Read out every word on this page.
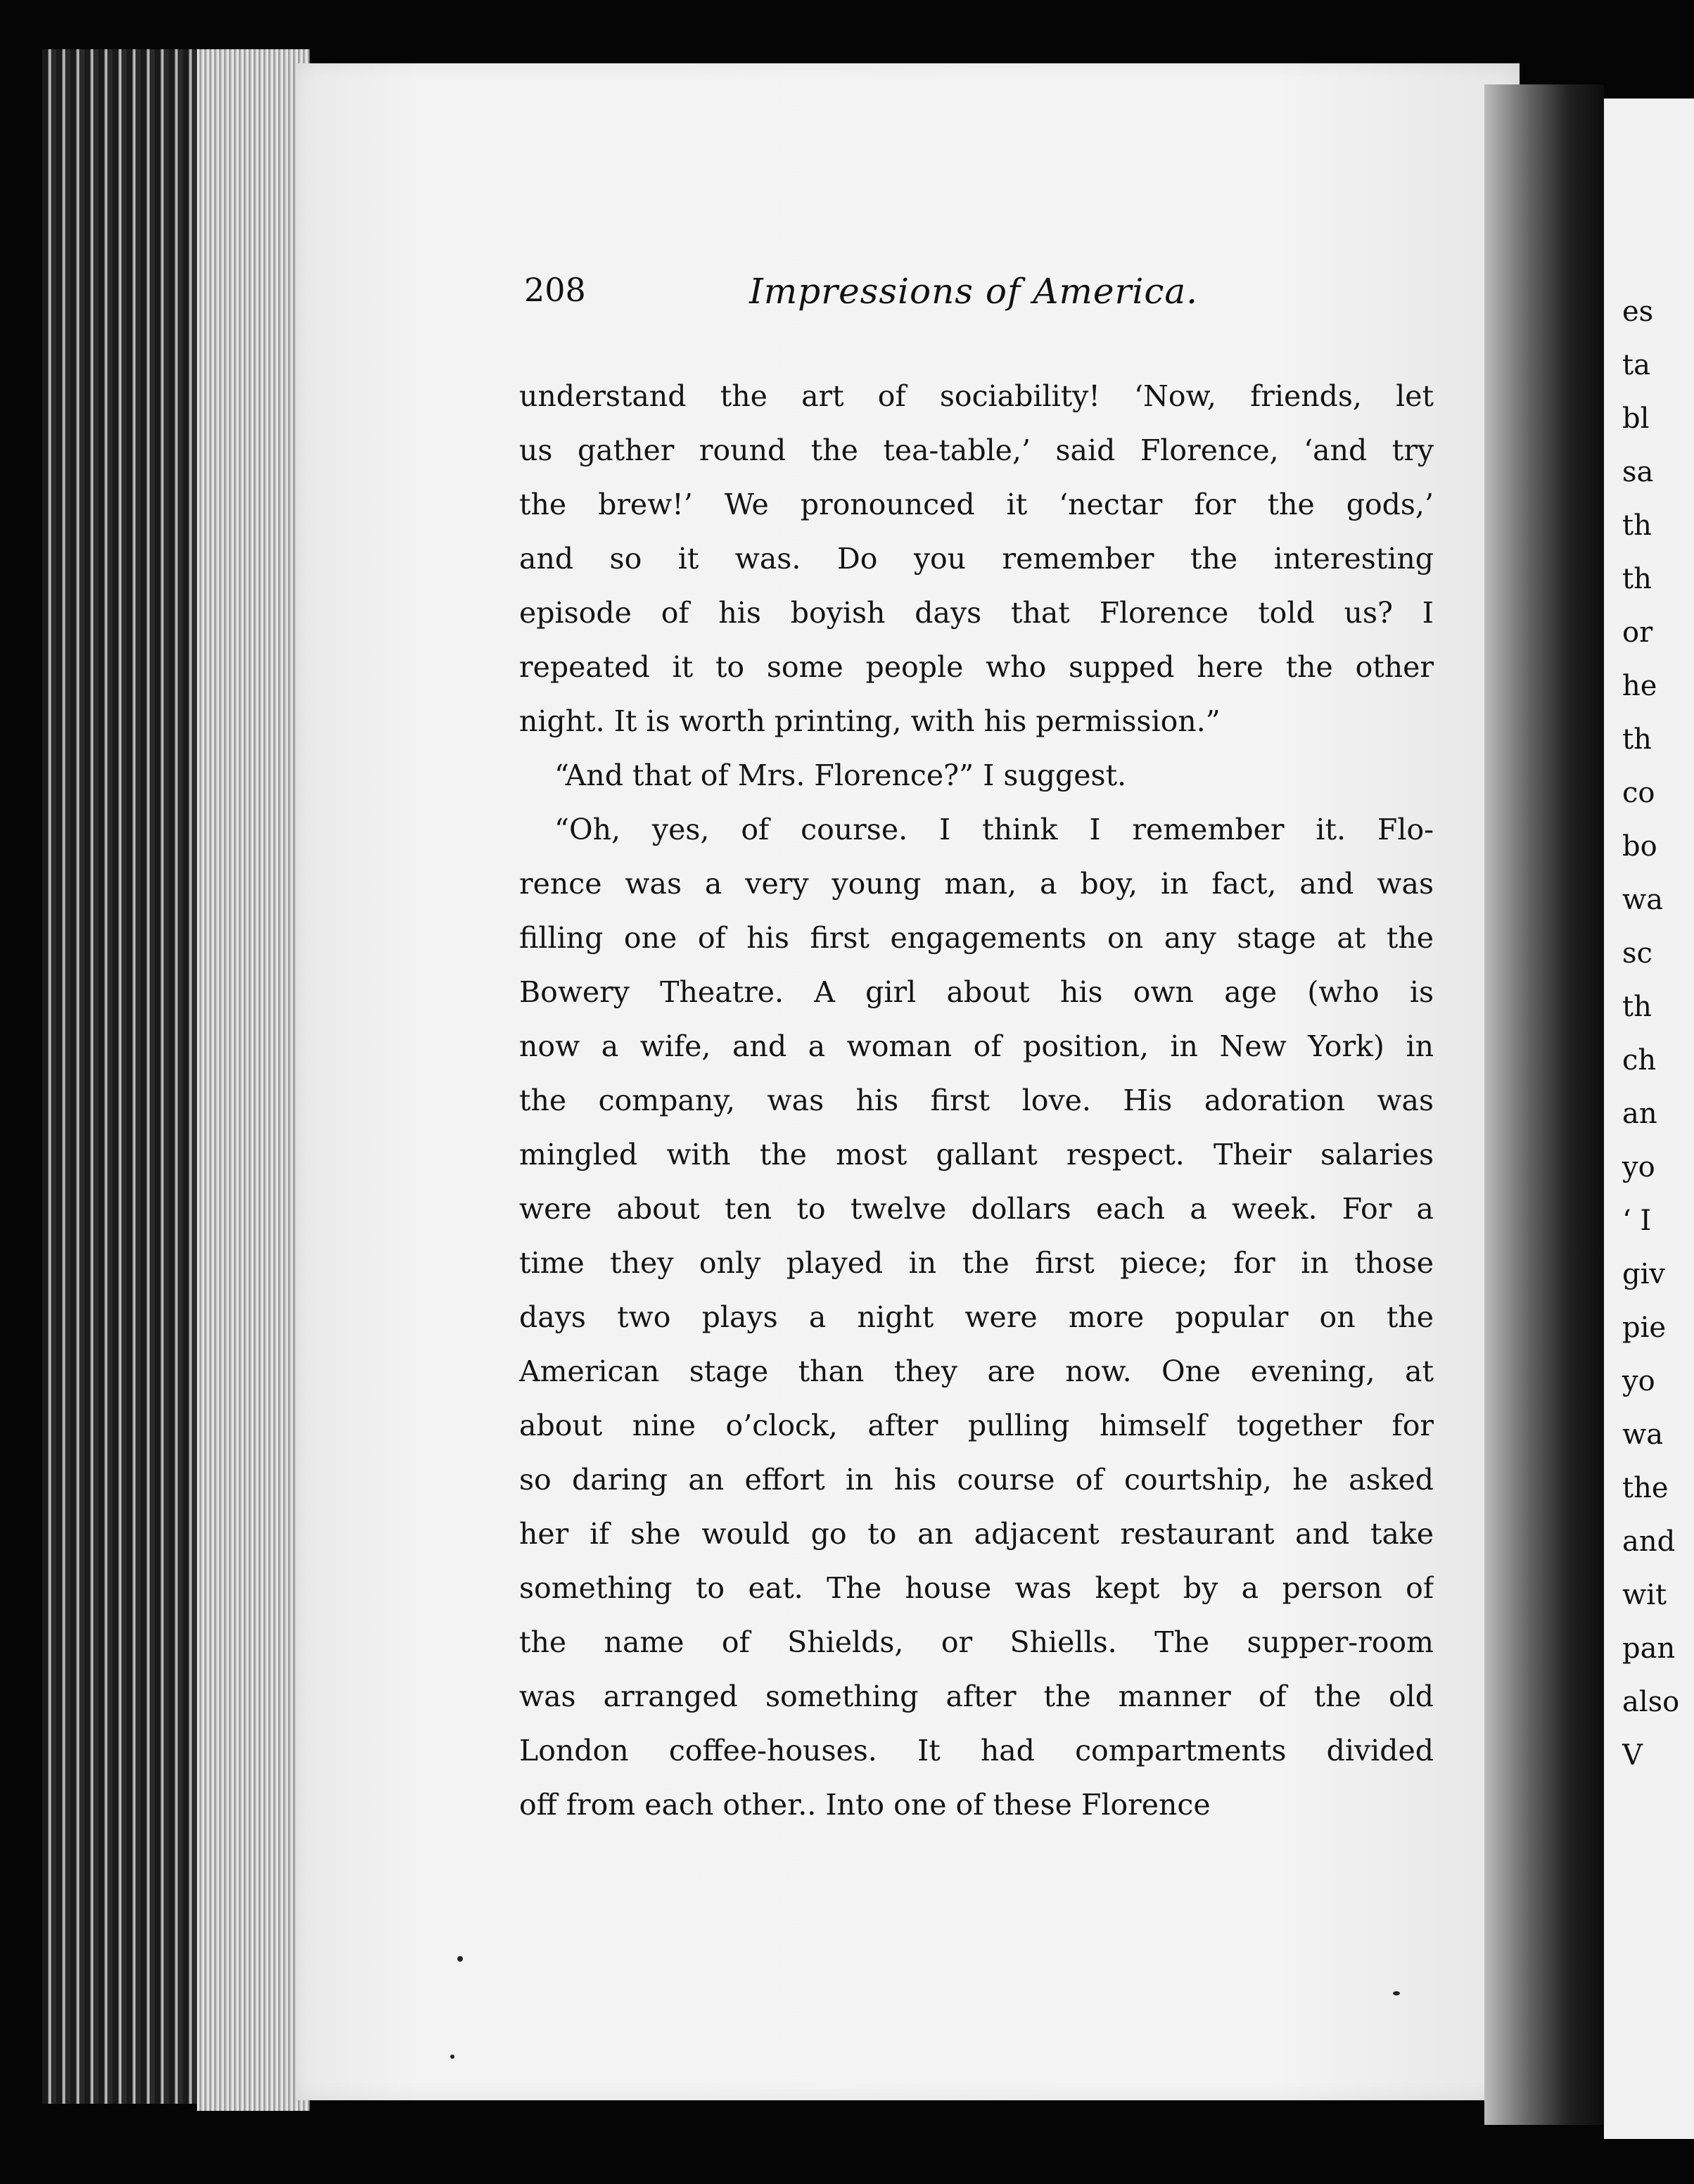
es
ta
bl
sa
th
th
or
he
th
co
bo
wa
sc
th
ch
an
yo
‘ I
giv
pie
yo
wa
the
and
wit
pan
also
V
208	Impressions of America.
understand the art of sociability! ‘Now, friends, let
us gather round the tea-table,’ said Florence, ‘and try
the brew!’ We pronounced it ‘nectar for the gods,’
and so it was. Do you remember the interesting
episode of his boyish days that Florence told us? I
repeated it to some people who supped here the other
night. It is worth printing, with his permission.”
“And that of Mrs. Florence?” I suggest.
“Oh, yes, of course. I think I remember it. Flo-
rence was a very young man, a boy, in fact, and was
filling one of his first engagements on any stage at the
Bowery Theatre. A girl about his own age (who is
now a wife, and a woman of position, in New York) in
the company, was his first love. His adoration was
mingled with the most gallant respect. Their salaries
were about ten to twelve dollars each a week. For a
time they only played in the first piece; for in those
days two plays a night were more popular on the
American stage than they are now. One evening, at
about nine o’clock, after pulling himself together for
so daring an effort in his course of courtship, he asked
her if she would go to an adjacent restaurant and take
something to eat. The house was kept by a person of
the name of Shields, or Shiells. The supper-room
was arranged something after the manner of the old
London coffee-houses. It had compartments divided
off from each other.. Into one of these Florence
